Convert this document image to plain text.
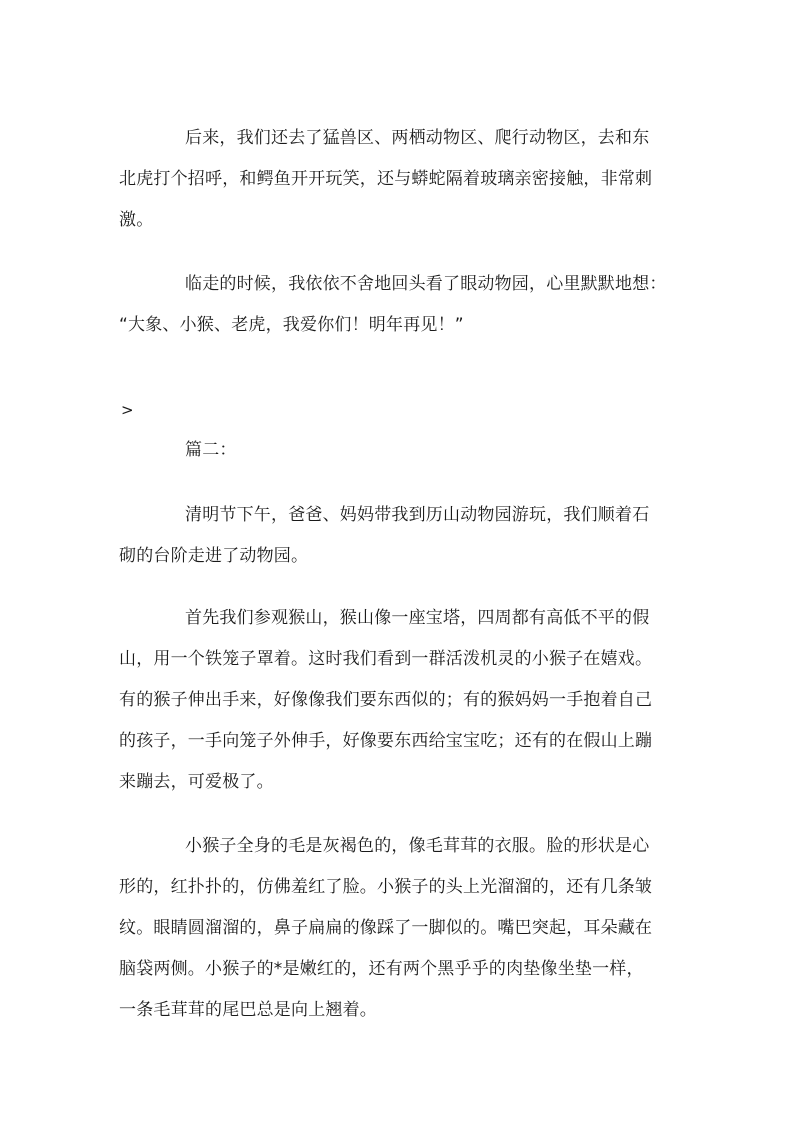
后来，我们还去了猛兽区、两栖动物区、爬行动物区，去和东
北虎打个招呼，和鳄鱼开开玩笑，还与蟒蛇隔着玻璃亲密接触，非常刺
激。
临走的时候，我依依不舍地回头看了眼动物园，心里默默地想：
“大象、小猴、老虎，我爱你们！明年再见！”
>
篇二：
清明节下午，爸爸、妈妈带我到历山动物园游玩，我们顺着石
砌的台阶走进了动物园。
首先我们参观猴山，猴山像一座宝塔，四周都有高低不平的假
山，用一个铁笼子罩着。这时我们看到一群活泼机灵的小猴子在嬉戏。
有的猴子伸出手来，好像像我们要东西似的；有的猴妈妈一手抱着自己
的孩子，一手向笼子外伸手，好像要东西给宝宝吃；还有的在假山上蹦
来蹦去，可爱极了。
小猴子全身的毛是灰褐色的，像毛茸茸的衣服。脸的形状是心
形的，红扑扑的，仿佛羞红了脸。小猴子的头上光溜溜的，还有几条皱
纹。眼睛圆溜溜的，鼻子扁扁的像踩了一脚似的。嘴巴突起，耳朵藏在
脑袋两侧。小猴子的*是嫩红的，还有两个黑乎乎的肉垫像坐垫一样，
一条毛茸茸的尾巴总是向上翘着。
